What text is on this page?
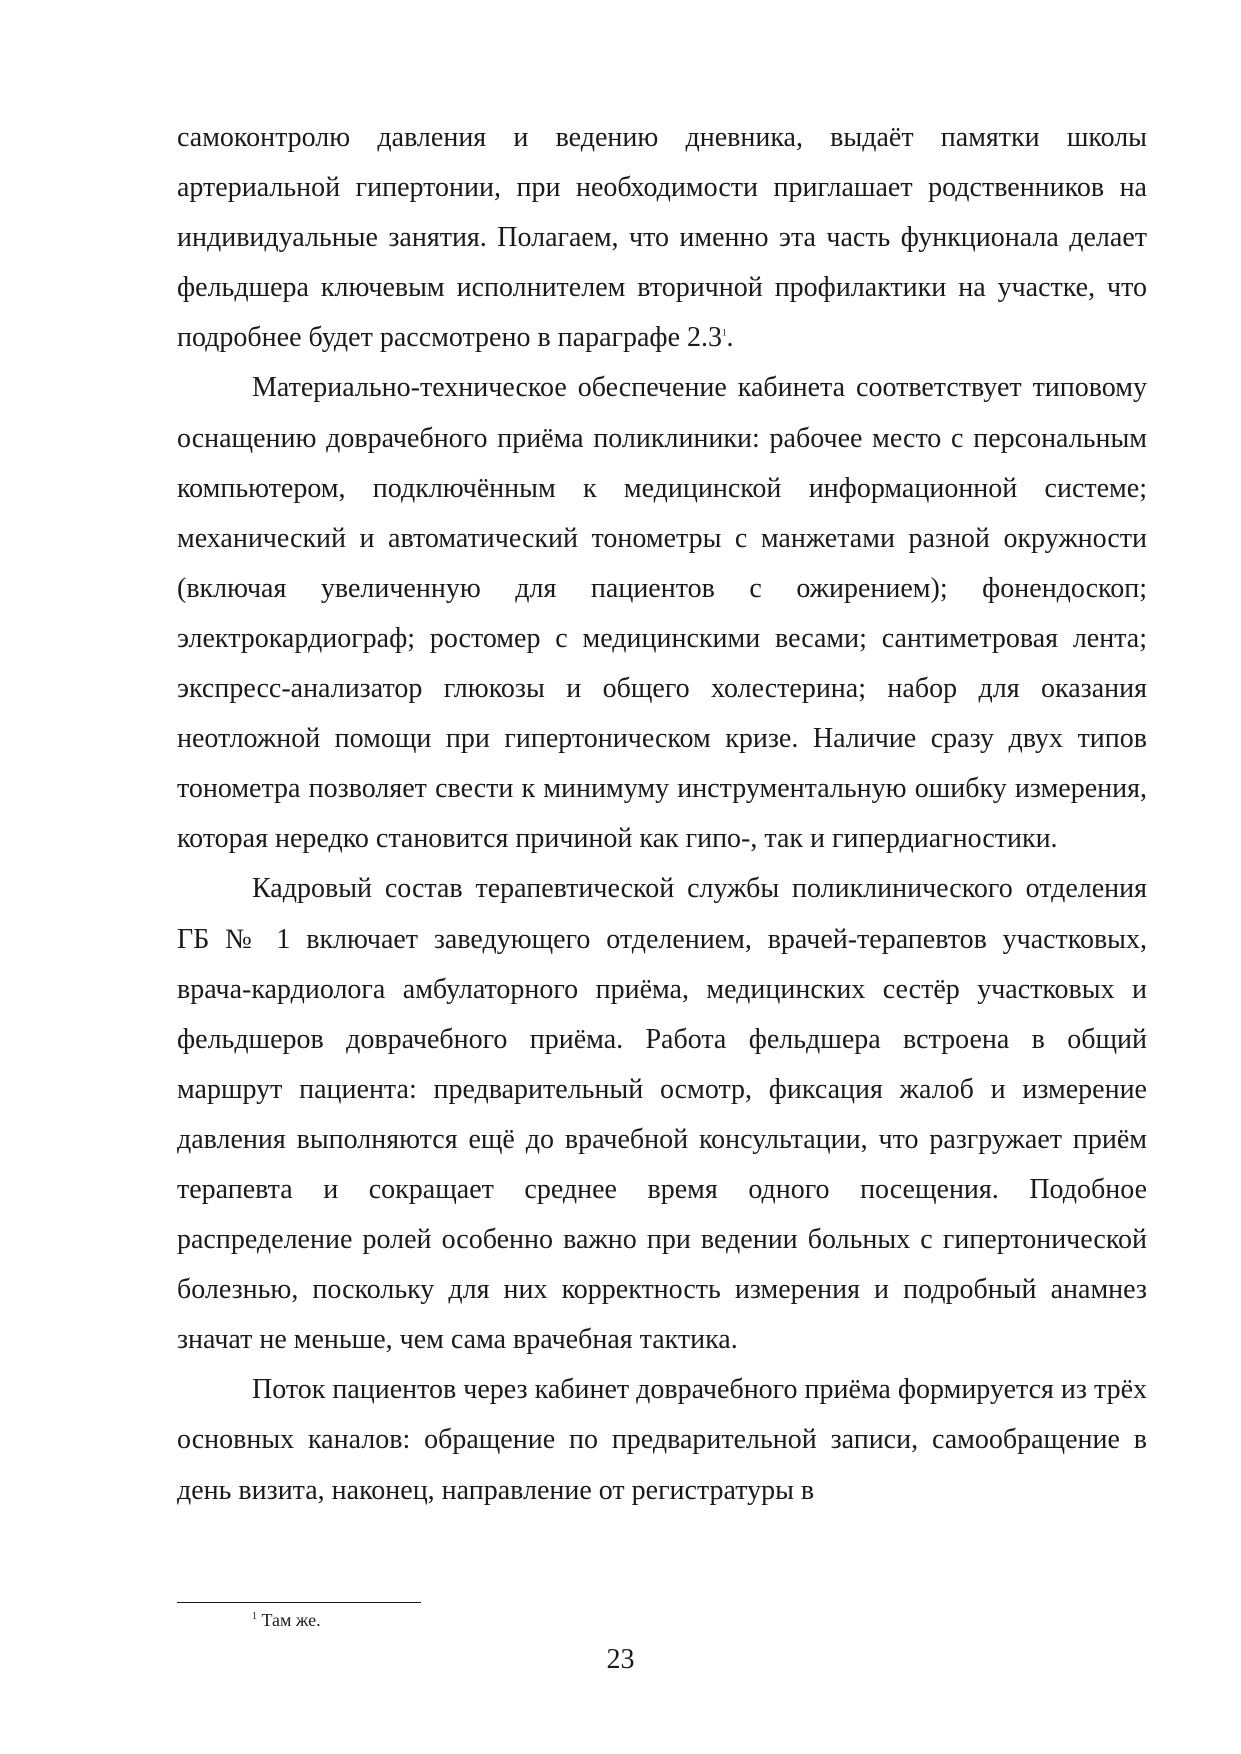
самоконтролю давления и ведению дневника, выдаёт памятки школы артериальной гипертонии, при необходимости приглашает родственников на индивидуальные занятия. Полагаем, что именно эта часть функционала делает фельдшера ключевым исполнителем вторичной профилактики на участке, что подробнее будет рассмотрено в параграфе 2.3$^1$.

Материально-техническое обеспечение кабинета соответствует типовому оснащению доврачебного приёма поликлиники: рабочее место с персональным компьютером, подключённым к медицинской информационной системе; механический и автоматический тонометры с манжетами разной окружности (включая увеличенную для пациентов с ожирением); фонендоскоп; электрокардиограф; ростомер с медицинскими весами; сантиметровая лента; экспресс-анализатор глюкозы и общего холестерина; набор для оказания неотложной помощи при гипертоническом кризе. Наличие сразу двух типов тонометра позволяет свести к минимуму инструментальную ошибку измерения, которая нередко становится причиной как гипо-, так и гипердиагностики.

Кадровый состав терапевтической службы поликлинического отделения ГБ № 1 включает заведующего отделением, врачей-терапевтов участковых, врача-кардиолога амбулаторного приёма, медицинских сестёр участковых и фельдшеров доврачебного приёма. Работа фельдшера встроена в общий маршрут пациента: предварительный осмотр, фиксация жалоб и измерение давления выполняются ещё до врачебной консультации, что разгружает приём терапевта и сокращает среднее время одного посещения. Подобное распределение ролей особенно важно при ведении больных с гипертонической болезнью, поскольку для них корректность измерения и подробный анамнез значат не меньше, чем сама врачебная тактика.

Поток пациентов через кабинет доврачебного приёма формируется из трёх основных каналов: обращение по предварительной записи, самообращение в день визита, наконец, направление от регистратуры в

$^1$ Там же.
23
